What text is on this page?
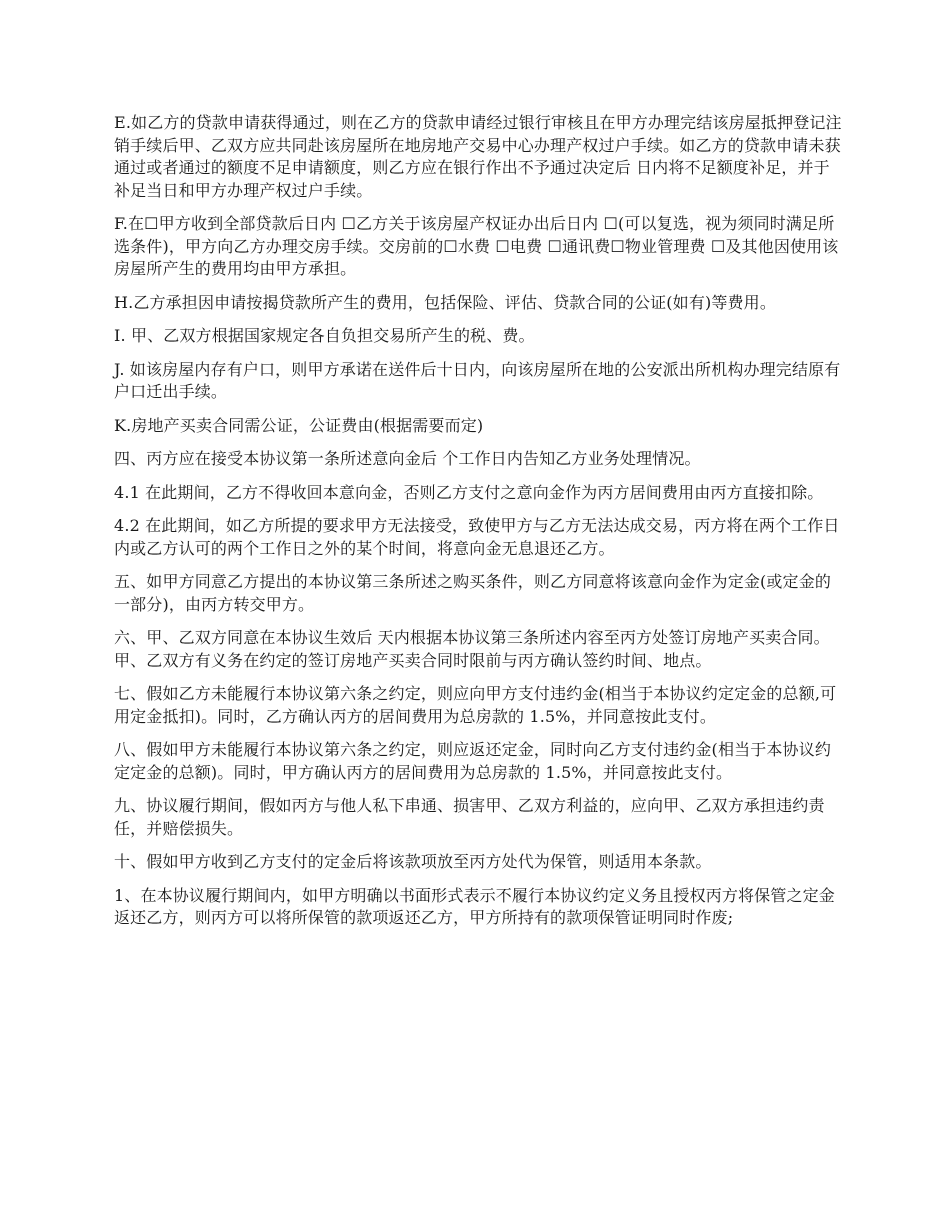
E.如乙方的贷款申请获得通过，则在乙方的贷款申请经过银行审核且在甲方办理完结该房屋抵押登记注销手续后甲、乙双方应共同赴该房屋所在地房地产交易中心办理产权过户手续。如乙方的贷款申请未获通过或者通过的额度不足申请额度，则乙方应在银行作出不予通过决定后 日内将不足额度补足，并于补足当日和甲方办理产权过户手续。

F.在☐甲方收到全部贷款后日内 ☐乙方关于该房屋产权证办出后日内 ☐(可以复选，视为须同时满足所选条件)，甲方向乙方办理交房手续。交房前的☐水费 ☐电费 ☐通讯费☐物业管理费 ☐及其他因使用该房屋所产生的费用均由甲方承担。

H.乙方承担因申请按揭贷款所产生的费用，包括保险、评估、贷款合同的公证(如有)等费用。

I. 甲、乙双方根据国家规定各自负担交易所产生的税、费。

J. 如该房屋内存有户口，则甲方承诺在送件后十日内，向该房屋所在地的公安派出所机构办理完结原有户口迁出手续。

K.房地产买卖合同需公证，公证费由(根据需要而定)

四、丙方应在接受本协议第一条所述意向金后 个工作日内告知乙方业务处理情况。

4.1 在此期间，乙方不得收回本意向金，否则乙方支付之意向金作为丙方居间费用由丙方直接扣除。

4.2 在此期间，如乙方所提的要求甲方无法接受，致使甲方与乙方无法达成交易，丙方将在两个工作日内或乙方认可的两个工作日之外的某个时间，将意向金无息退还乙方。

五、如甲方同意乙方提出的本协议第三条所述之购买条件，则乙方同意将该意向金作为定金(或定金的一部分)，由丙方转交甲方。

六、甲、乙双方同意在本协议生效后 天内根据本协议第三条所述内容至丙方处签订房地产买卖合同。甲、乙双方有义务在约定的签订房地产买卖合同时限前与丙方确认签约时间、地点。

七、假如乙方未能履行本协议第六条之约定，则应向甲方支付违约金(相当于本协议约定定金的总额,可用定金抵扣)。同时，乙方确认丙方的居间费用为总房款的 1.5%，并同意按此支付。

八、假如甲方未能履行本协议第六条之约定，则应返还定金，同时向乙方支付违约金(相当于本协议约定定金的总额)。同时，甲方确认丙方的居间费用为总房款的 1.5%，并同意按此支付。

九、协议履行期间，假如丙方与他人私下串通、损害甲、乙双方利益的，应向甲、乙双方承担违约责任，并赔偿损失。

十、假如甲方收到乙方支付的定金后将该款项放至丙方处代为保管，则适用本条款。

1、在本协议履行期间内，如甲方明确以书面形式表示不履行本协议约定义务且授权丙方将保管之定金返还乙方，则丙方可以将所保管的款项返还乙方，甲方所持有的款项保管证明同时作废;
